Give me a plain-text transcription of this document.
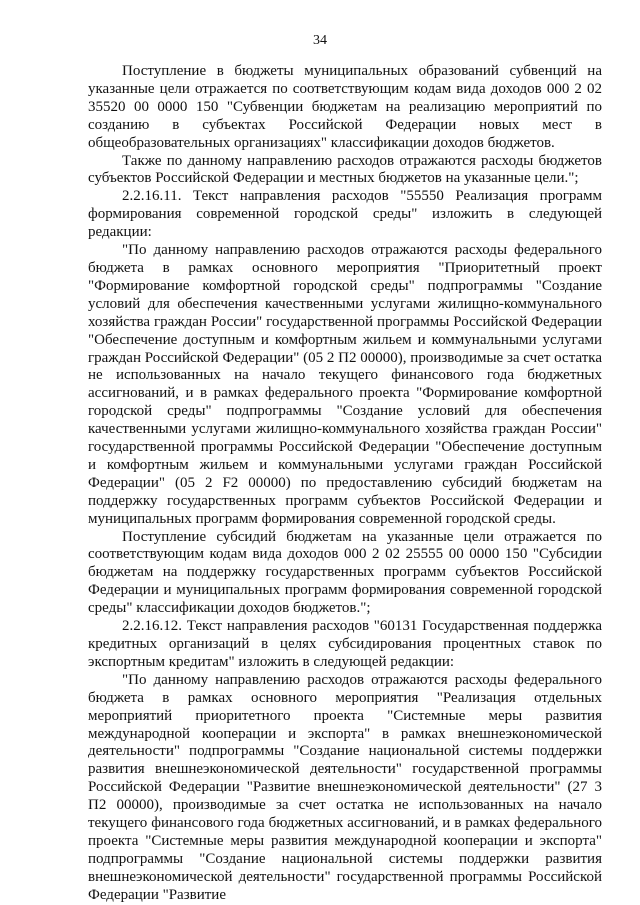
34

Поступление в бюджеты муниципальных образований субвенций на указанные цели отражается по соответствующим кодам вида доходов 000 2 02 35520 00 0000 150 "Субвенции бюджетам на реализацию мероприятий по созданию в субъектах Российской Федерации новых мест в общеобразовательных организациях" классификации доходов бюджетов.

Также по данному направлению расходов отражаются расходы бюджетов субъектов Российской Федерации и местных бюджетов на указанные цели.";

2.2.16.11. Текст направления расходов "55550 Реализация программ формирования современной городской среды" изложить в следующей редакции:

"По данному направлению расходов отражаются расходы федерального бюджета в рамках основного мероприятия "Приоритетный проект "Формирование комфортной городской среды" подпрограммы "Создание условий для обеспечения качественными услугами жилищно-коммунального хозяйства граждан России" государственной программы Российской Федерации "Обеспечение доступным и комфортным жильем и коммунальными услугами граждан Российской Федерации" (05 2 П2 00000), производимые за счет остатка не использованных на начало текущего финансового года бюджетных ассигнований, и в рамках федерального проекта "Формирование комфортной городской среды" подпрограммы "Создание условий для обеспечения качественными услугами жилищно-коммунального хозяйства граждан России" государственной программы Российской Федерации "Обеспечение доступным и комфортным жильем и коммунальными услугами граждан Российской Федерации" (05 2 F2 00000) по предоставлению субсидий бюджетам на поддержку государственных программ субъектов Российской Федерации и муниципальных программ формирования современной городской среды.

Поступление субсидий бюджетам на указанные цели отражается по соответствующим кодам вида доходов 000 2 02 25555 00 0000 150 "Субсидии бюджетам на поддержку государственных программ субъектов Российской Федерации и муниципальных программ формирования современной городской среды" классификации доходов бюджетов.";

2.2.16.12. Текст направления расходов "60131 Государственная поддержка кредитных организаций в целях субсидирования процентных ставок по экспортным кредитам" изложить в следующей редакции:

"По данному направлению расходов отражаются расходы федерального бюджета в рамках основного мероприятия "Реализация отдельных мероприятий приоритетного проекта "Системные меры развития международной кооперации и экспорта" в рамках внешнеэкономической деятельности" подпрограммы "Создание национальной системы поддержки развития внешнеэкономической деятельности" государственной программы Российской Федерации "Развитие внешнеэкономической деятельности" (27 3 П2 00000), производимые за счет остатка не использованных на начало текущего финансового года бюджетных ассигнований, и в рамках федерального проекта "Системные меры развития международной кооперации и экспорта" подпрограммы "Создание национальной системы поддержки развития внешнеэкономической деятельности" государственной программы Российской Федерации "Развитие
